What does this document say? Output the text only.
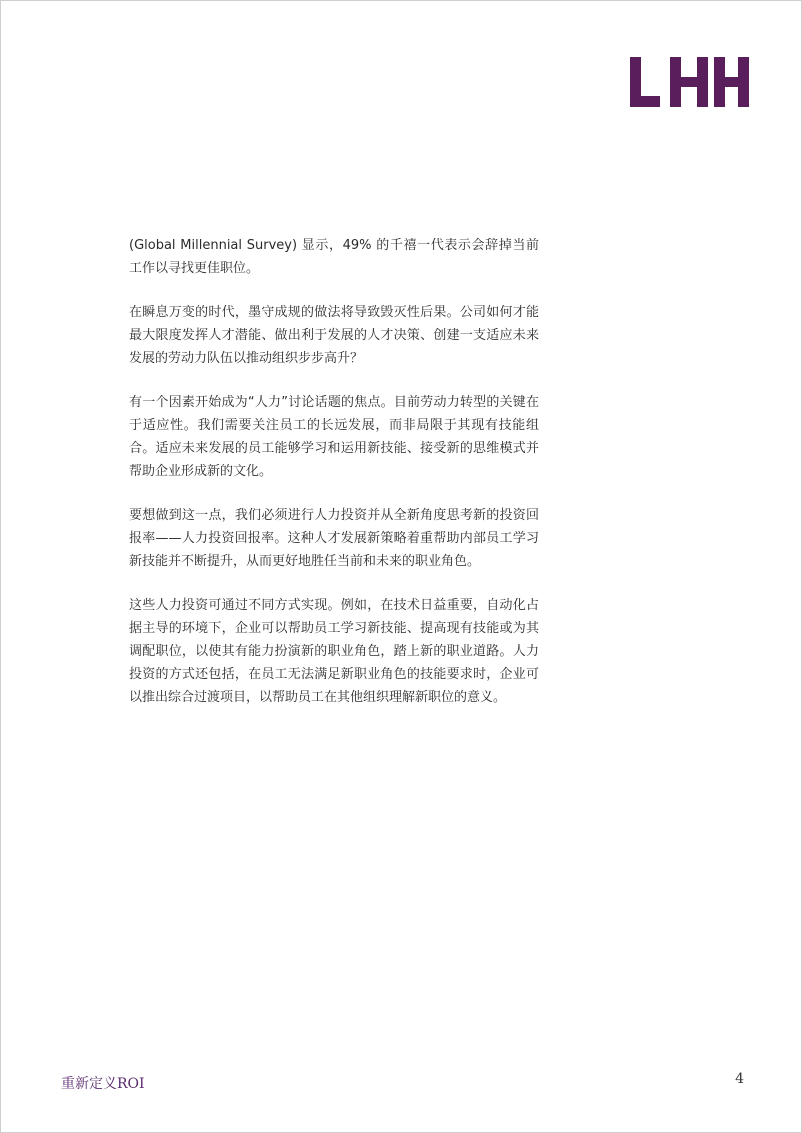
(Global Millennial Survey) 显示，49% 的千禧一代表示会辞掉当前工作以寻找更佳职位。

在瞬息万变的时代，墨守成规的做法将导致毁灭性后果。公司如何才能最大限度发挥人才潜能、做出利于发展的人才决策、创建一支适应未来发展的劳动力队伍以推动组织步步高升？

有一个因素开始成为“人力”讨论话题的焦点。目前劳动力转型的关键在于适应性。我们需要关注员工的长远发展，而非局限于其现有技能组合。适应未来发展的员工能够学习和运用新技能、接受新的思维模式并帮助企业形成新的文化。

要想做到这一点，我们必须进行人力投资并从全新角度思考新的投资回报率——人力投资回报率。这种人才发展新策略着重帮助内部员工学习新技能并不断提升，从而更好地胜任当前和未来的职业角色。

这些人力投资可通过不同方式实现。例如，在技术日益重要，自动化占据主导的环境下，企业可以帮助员工学习新技能、提高现有技能或为其调配职位，以使其有能力扮演新的职业角色，踏上新的职业道路。人力投资的方式还包括，在员工无法满足新职业角色的技能要求时，企业可以推出综合过渡项目，以帮助员工在其他组织理解新职位的意义。

重新定义ROI	4
